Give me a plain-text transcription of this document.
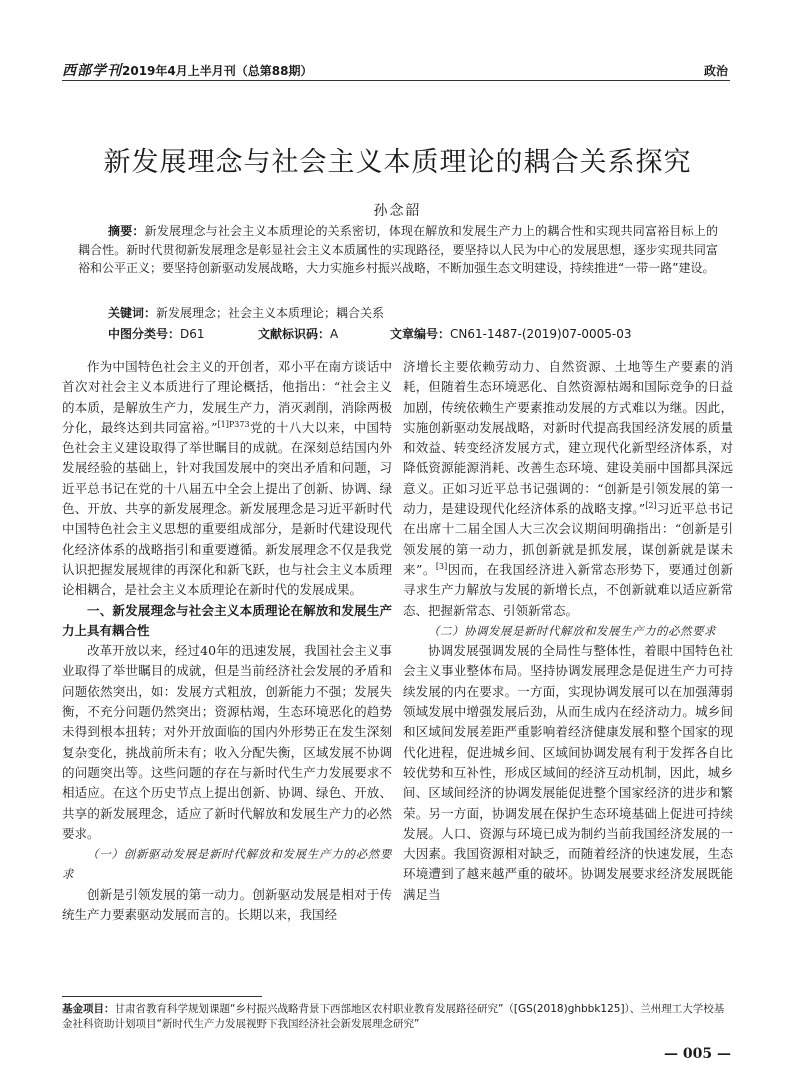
西部学刊 2019年4月上半月刊（总第88期）	政治
新发展理念与社会主义本质理论的耦合关系探究
孙念韶

摘要：新发展理念与社会主义本质理论的关系密切，体现在解放和发展生产力上的耦合性和实现共同富裕目标上的耦合性。新时代贯彻新发展理念是彰显社会主义本质属性的实现路径，要坚持以人民为中心的发展思想，逐步实现共同富裕和公平正义；要坚持创新驱动发展战略，大力实施乡村振兴战略，不断加强生态文明建设，持续推进“一带一路”建设。

关键词：新发展理念；社会主义本质理论；耦合关系
中图分类号：D61	文献标识码：A	文章编号：CN61-1487-(2019)07-0005-03

作为中国特色社会主义的开创者，邓小平在南方谈话中首次对社会主义本质进行了理论概括，他指出：“社会主义的本质，是解放生产力，发展生产力，消灭剥削，消除两极分化，最终达到共同富裕。”$^{[1]P373}$党的十八大以来，中国特色社会主义建设取得了举世瞩目的成就。在深刻总结国内外发展经验的基础上，针对我国发展中的突出矛盾和问题，习近平总书记在党的十八届五中全会上提出了创新、协调、绿色、开放、共享的新发展理念。新发展理念是习近平新时代中国特色社会主义思想的重要组成部分，是新时代建设现代化经济体系的战略指引和重要遵循。新发展理念不仅是我党认识把握发展规律的再深化和新飞跃，也与社会主义本质理论相耦合，是社会主义本质理论在新时代的发展成果。

一、新发展理念与社会主义本质理论在解放和发展生产力上具有耦合性

改革开放以来，经过40年的迅速发展，我国社会主义事业取得了举世瞩目的成就，但是当前经济社会发展的矛盾和问题依然突出，如：发展方式粗放，创新能力不强；发展失衡，不充分问题仍然突出；资源枯竭，生态环境恶化的趋势未得到根本扭转；对外开放面临的国内外形势正在发生深刻复杂变化，挑战前所未有；收入分配失衡，区域发展不协调的问题突出等。这些问题的存在与新时代生产力发展要求不相适应。在这个历史节点上提出创新、协调、绿色、开放、共享的新发展理念，适应了新时代解放和发展生产力的必然要求。

（一）创新驱动发展是新时代解放和发展生产力的必然要求

创新是引领发展的第一动力。创新驱动发展是相对于传统生产力要素驱动发展而言的。长期以来，我国经

济增长主要依赖劳动力、自然资源、土地等生产要素的消耗，但随着生态环境恶化、自然资源枯竭和国际竞争的日益加剧，传统依赖生产要素推动发展的方式难以为继。因此，实施创新驱动发展战略，对新时代提高我国经济发展的质量和效益、转变经济发展方式，建立现代化新型经济体系，对降低资源能源消耗、改善生态环境、建设美丽中国都具深远意义。正如习近平总书记强调的：“创新是引领发展的第一动力，是建设现代化经济体系的战略支撑。”[2]习近平总书记在出席十二届全国人大三次会议期间明确指出：“创新是引领发展的第一动力，抓创新就是抓发展，谋创新就是谋未来”。[3]因而，在我国经济进入新常态形势下，要通过创新寻求生产力解放与发展的新增长点，不创新就难以适应新常态、把握新常态、引领新常态。

（二）协调发展是新时代解放和发展生产力的必然要求

协调发展强调发展的全局性与整体性，着眼中国特色社会主义事业整体布局。坚持协调发展理念是促进生产力可持续发展的内在要求。一方面，实现协调发展可以在加强薄弱领域发展中增强发展后劲，从而生成内在经济动力。城乡间和区域间发展差距严重影响着经济健康发展和整个国家的现代化进程，促进城乡间、区域间协调发展有利于发挥各自比较优势和互补性，形成区域间的经济互动机制，因此，城乡间、区域间经济的协调发展能促进整个国家经济的进步和繁荣。另一方面，协调发展在保护生态环境基础上促进可持续发展。人口、资源与环境已成为制约当前我国经济发展的一大因素。我国资源相对缺乏，而随着经济的快速发展，生态环境遭到了越来越严重的破坏。协调发展要求经济发展既能满足当

基金项目：甘肃省教育科学规划课题“乡村振兴战略背景下西部地区农村职业教育发展路径研究”（[GS(2018)ghbbk125]）、兰州理工大学校基金社科资助计划项目“新时代生产力发展视野下我国经济社会新发展理念研究”
— 005 —
